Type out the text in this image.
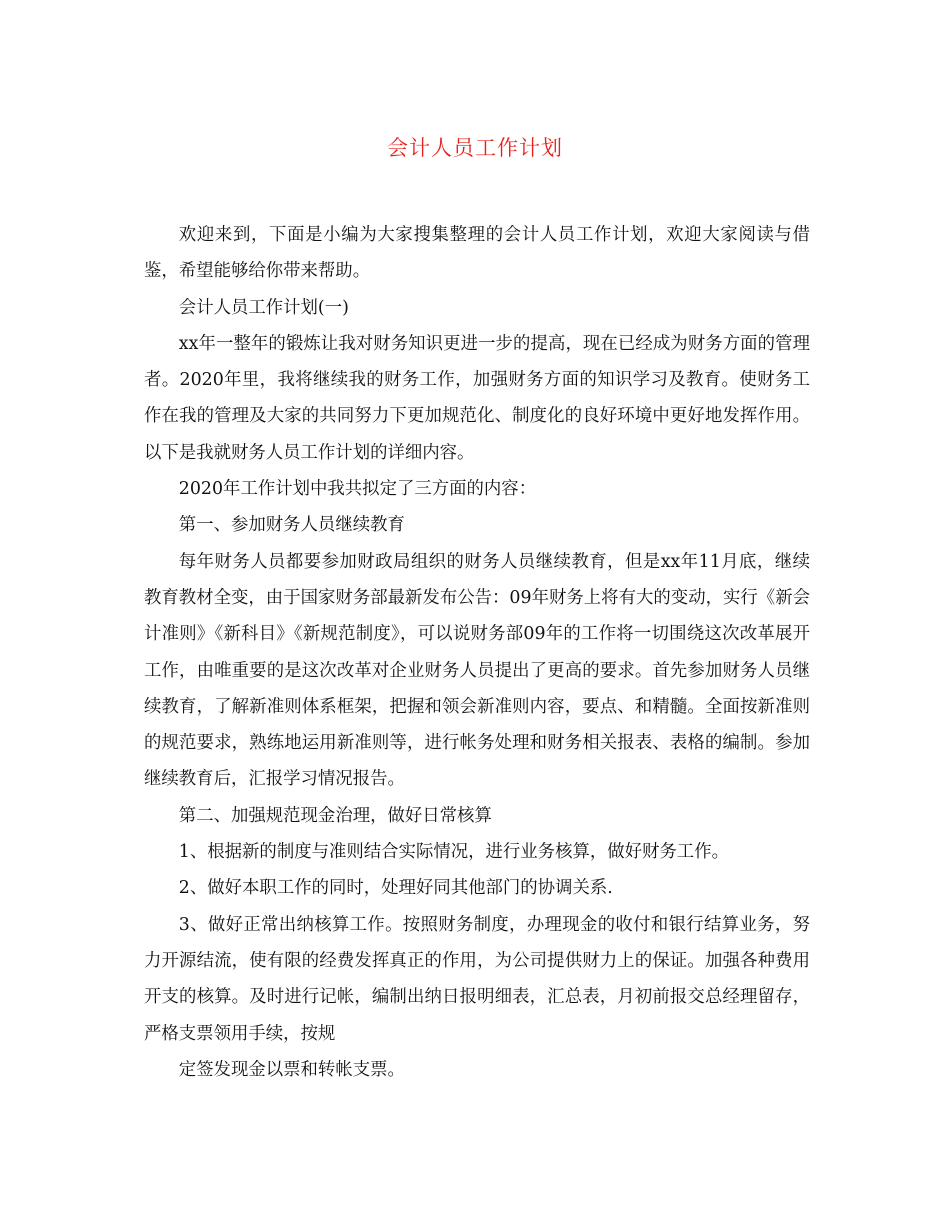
会计人员工作计划

欢迎来到，下面是小编为大家搜集整理的会计人员工作计划，欢迎大家阅读与借鉴，希望能够给你带来帮助。

会计人员工作计划(一)

xx年一整年的锻炼让我对财务知识更进一步的提高，现在已经成为财务方面的管理者。2020年里，我将继续我的财务工作，加强财务方面的知识学习及教育。使财务工作在我的管理及大家的共同努力下更加规范化、制度化的良好环境中更好地发挥作用。以下是我就财务人员工作计划的详细内容。

2020年工作计划中我共拟定了三方面的内容：

第一、参加财务人员继续教育

每年财务人员都要参加财政局组织的财务人员继续教育，但是xx年11月底，继续教育教材全变，由于国家财务部最新发布公告：09年财务上将有大的变动，实行《新会计准则》《新科目》《新规范制度》，可以说财务部09年的工作将一切围绕这次改革展开工作，由唯重要的是这次改革对企业财务人员提出了更高的要求。首先参加财务人员继续教育，了解新准则体系框架，把握和领会新准则内容，要点、和精髓。全面按新准则的规范要求，熟练地运用新准则等，进行帐务处理和财务相关报表、表格的编制。参加继续教育后，汇报学习情况报告。

第二、加强规范现金治理，做好日常核算

1、根据新的制度与准则结合实际情况，进行业务核算，做好财务工作。

2、做好本职工作的同时，处理好同其他部门的协调关系.

3、做好正常出纳核算工作。按照财务制度，办理现金的收付和银行结算业务，努力开源结流，使有限的经费发挥真正的作用，为公司提供财力上的保证。加强各种费用开支的核算。及时进行记帐，编制出纳日报明细表，汇总表，月初前报交总经理留存，严格支票领用手续，按规

定签发现金以票和转帐支票。
